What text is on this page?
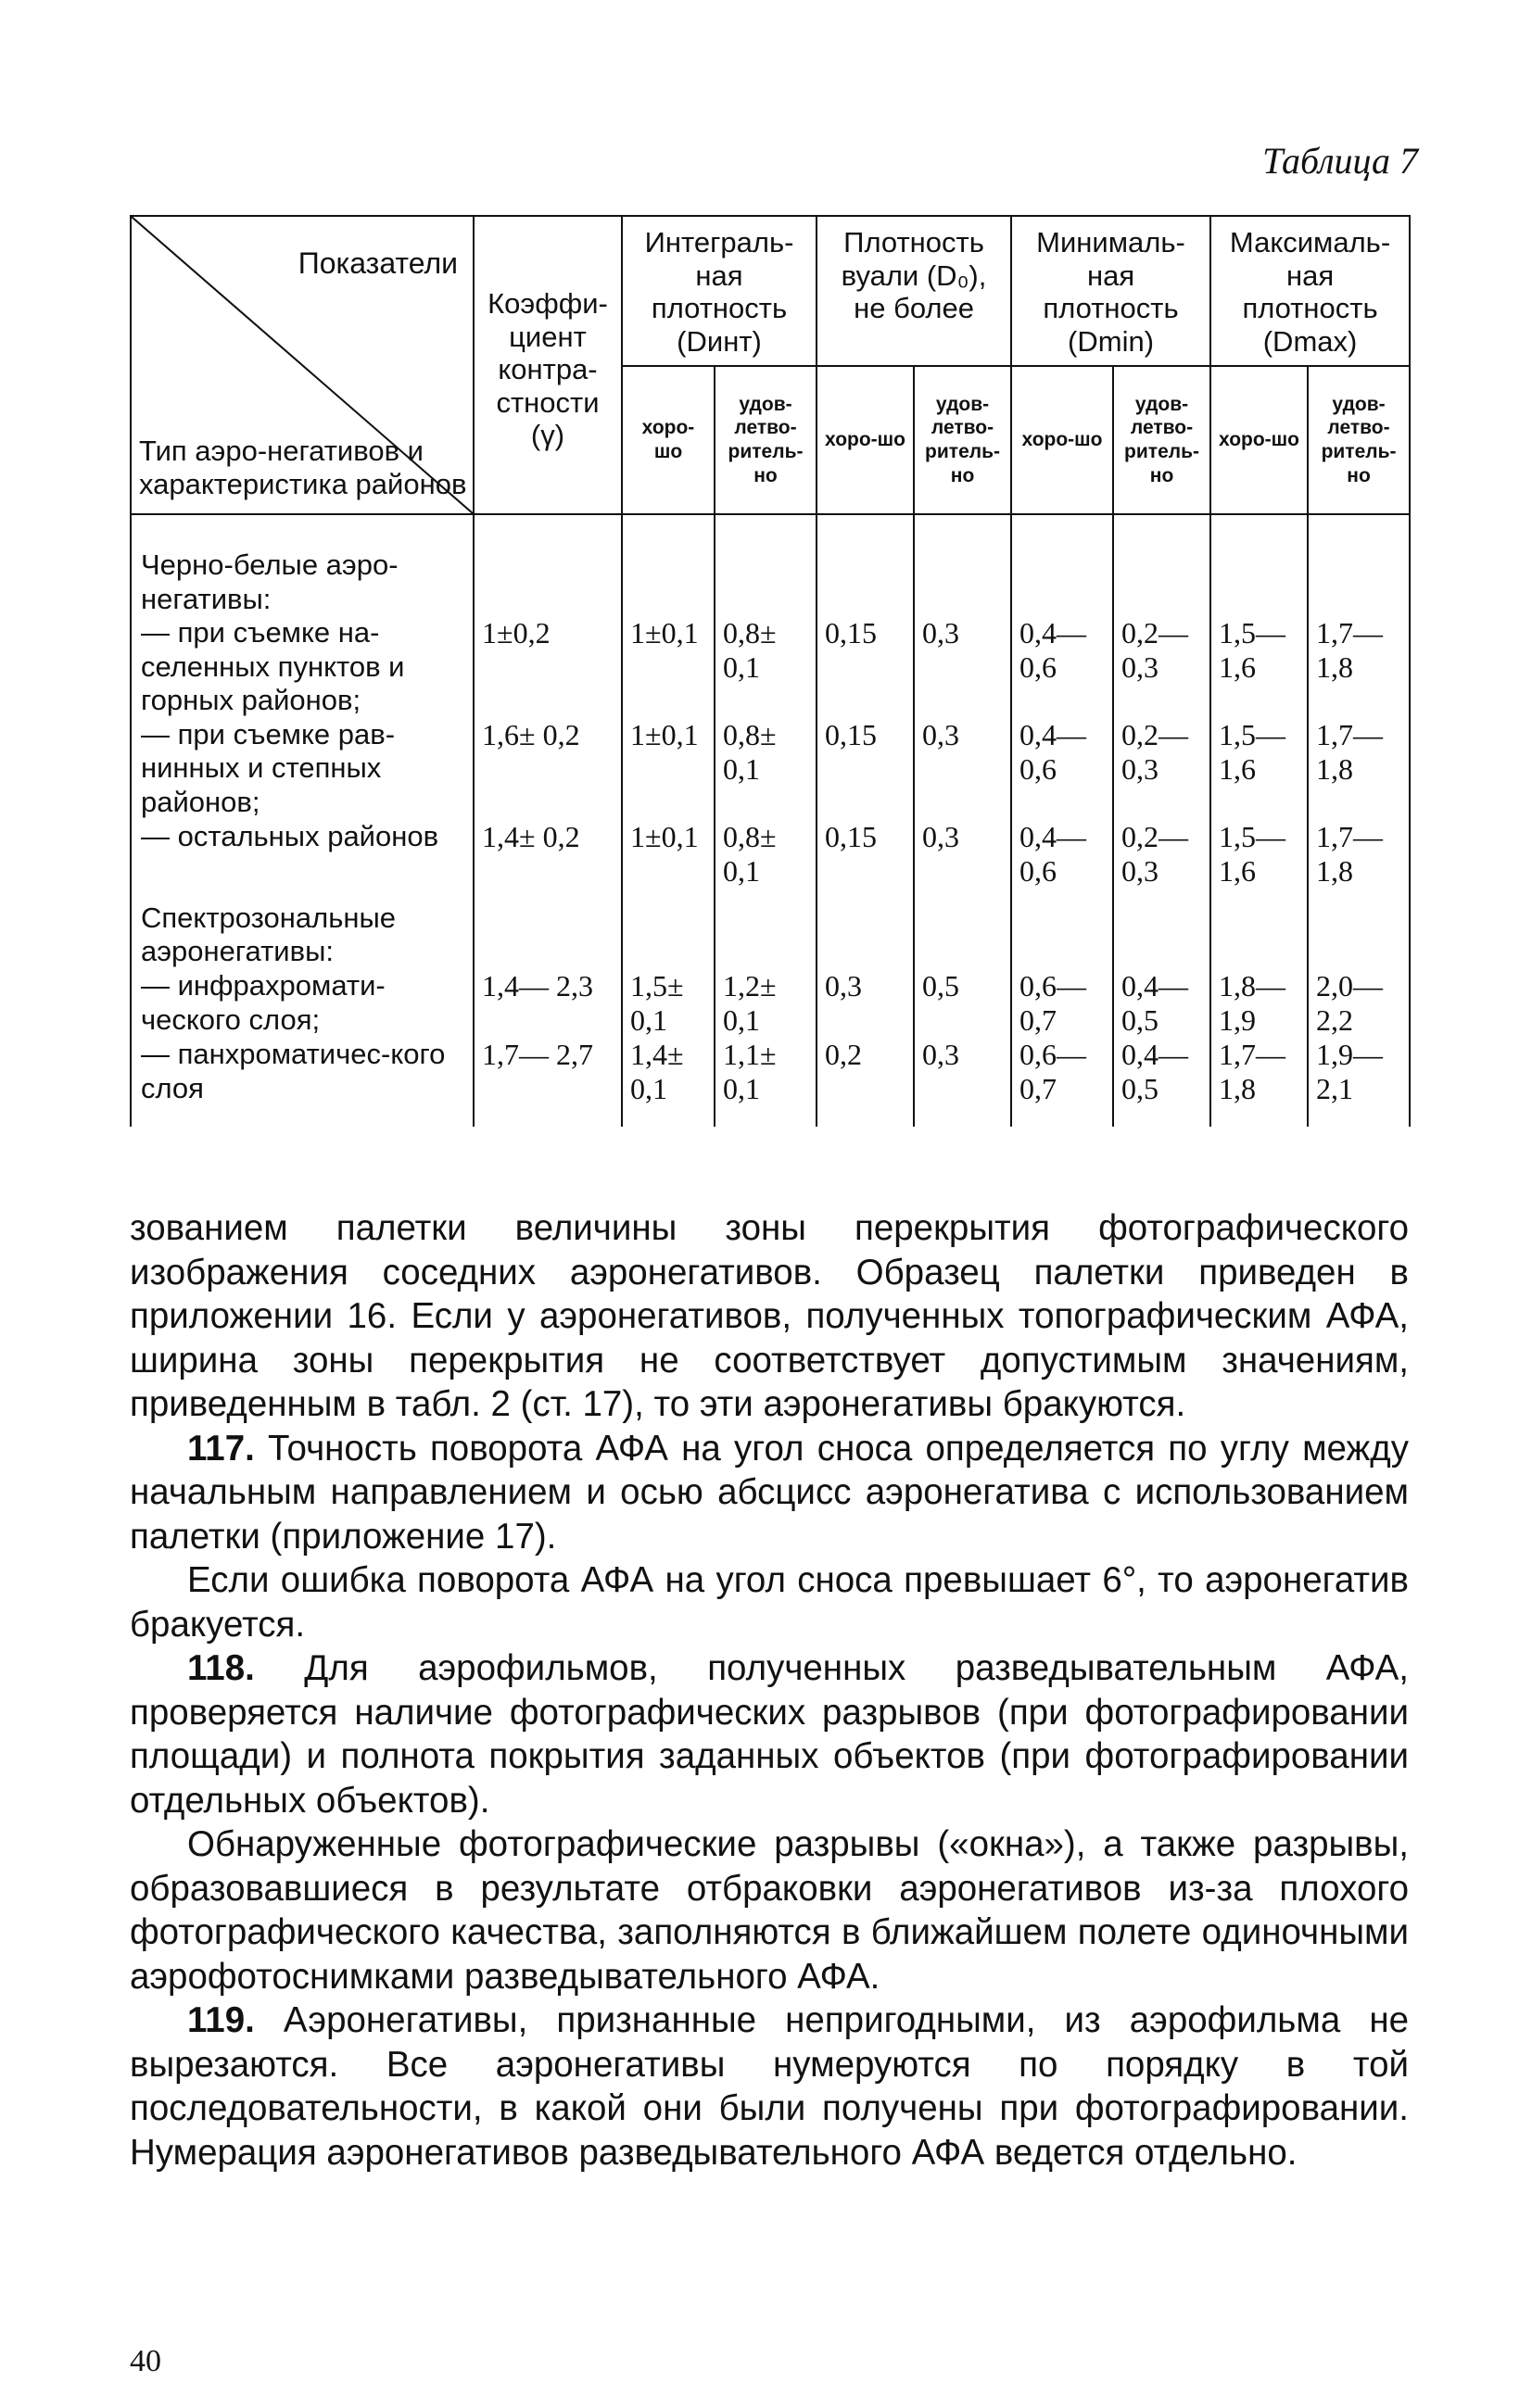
Таблица 7
Показатели
Тип аэро-негативов и характеристика районов	Коэффи-циент контра-стности (γ)	Интеграль-ная плотность (Dинт)		Плотность вуали (D₀), не более		Минималь-ная плотность (Dmin)		Максималь-ная плотность (Dmax)	
		хоро-шо	удов-летво-ритель-но	хоро-шо	удов-летво-ритель-но	хоро-шо	удов-летво-ритель-но	хоро-шо	удов-летво-ритель-но

Черно-белые аэро-негативы:									
— при съемке на-селенных пунктов и горных районов;	1±0,2	1±0,1	0,8± 0,1	0,15	0,3	0,4— 0,6	0,2— 0,3	1,5— 1,6	1,7— 1,8
— при съемке рав-нинных и степных районов;	1,6± 0,2	1±0,1	0,8± 0,1	0,15	0,3	0,4— 0,6	0,2— 0,3	1,5— 1,6	1,7— 1,8
— остальных районов	1,4± 0,2	1±0,1	0,8± 0,1	0,15	0,3	0,4— 0,6	0,2— 0,3	1,5— 1,6	1,7— 1,8
Спектрозональные аэронегативы:									
— инфрахромати-ческого слоя;	1,4— 2,3	1,5± 0,1	1,2± 0,1	0,3	0,5	0,6— 0,7	0,4— 0,5	1,8— 1,9	2,0— 2,2
— панхроматичес-кого слоя	1,7— 2,7	1,4± 0,1	1,1± 0,1	0,2	0,3	0,6— 0,7	0,4— 0,5	1,7— 1,8	1,9— 2,1

зованием палетки величины зоны перекрытия фотографического изображения соседних аэронегативов. Образец палетки приведен в приложении 16. Если у аэронегативов, полученных топографическим АФА, ширина зоны перекрытия не соответствует допустимым значениям, приведенным в табл. 2 (ст. 17), то эти аэронегативы бракуются.

117. Точность поворота АФА на угол сноса определяется по углу между начальным направлением и осью абсцисс аэронегатива с использованием палетки (приложение 17).

Если ошибка поворота АФА на угол сноса превышает 6°, то аэронегатив бракуется.

118. Для аэрофильмов, полученных разведывательным АФА, проверяется наличие фотографических разрывов (при фотографировании площади) и полнота покрытия заданных объектов (при фотографировании отдельных объектов).

Обнаруженные фотографические разрывы («окна»), а также разрывы, образовавшиеся в результате отбраковки аэронегативов из-за плохого фотографического качества, заполняются в ближайшем полете одиночными аэрофотоснимками разведывательного АФА.

119. Аэронегативы, признанные непригодными, из аэрофильма не вырезаются. Все аэронегативы нумеруются по порядку в той последовательности, в какой они были получены при фотографировании. Нумерация аэронегативов разведывательного АФА ведется отдельно.

40
